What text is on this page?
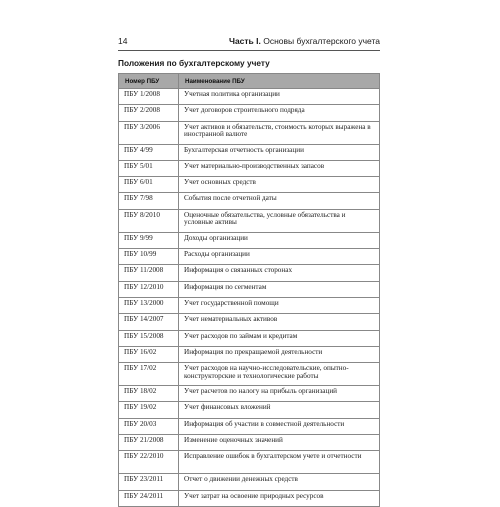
14	Часть I. Основы бухгалтерского учета
Положения по бухгалтерскому учету
Номер ПБУ	Наименование ПБУ
ПБУ 1/2008	Учетная политика организации
ПБУ 2/2008	Учет договоров строительного подряда
ПБУ 3/2006	Учет активов и обязательств, стоимость которых выражена в иностранной валюте
ПБУ 4/99	Бухгалтерская отчетность организации
ПБУ 5/01	Учет материально-производственных запасов
ПБУ 6/01	Учет основных средств
ПБУ 7/98	События после отчетной даты
ПБУ 8/2010	Оценочные обязательства, условные обязательства и условные активы
ПБУ 9/99	Доходы организации
ПБУ 10/99	Расходы организации
ПБУ 11/2008	Информация о связанных сторонах
ПБУ 12/2010	Информация по сегментам
ПБУ 13/2000	Учет государственной помощи
ПБУ 14/2007	Учет нематериальных активов
ПБУ 15/2008	Учет расходов по займам и кредитам
ПБУ 16/02	Информация по прекращаемой деятельности
ПБУ 17/02	Учет расходов на научно-исследовательские, опытно-конструкторские и технологические работы
ПБУ 18/02	Учет расчетов по налогу на прибыль организаций
ПБУ 19/02	Учет финансовых вложений
ПБУ 20/03	Информация об участии в совместной деятельности
ПБУ 21/2008	Изменение оценочных значений
ПБУ 22/2010	Исправление ошибок в бухгалтерском учете и отчетности
ПБУ 23/2011	Отчет о движении денежных средств
ПБУ 24/2011	Учет затрат на освоение природных ресурсов
